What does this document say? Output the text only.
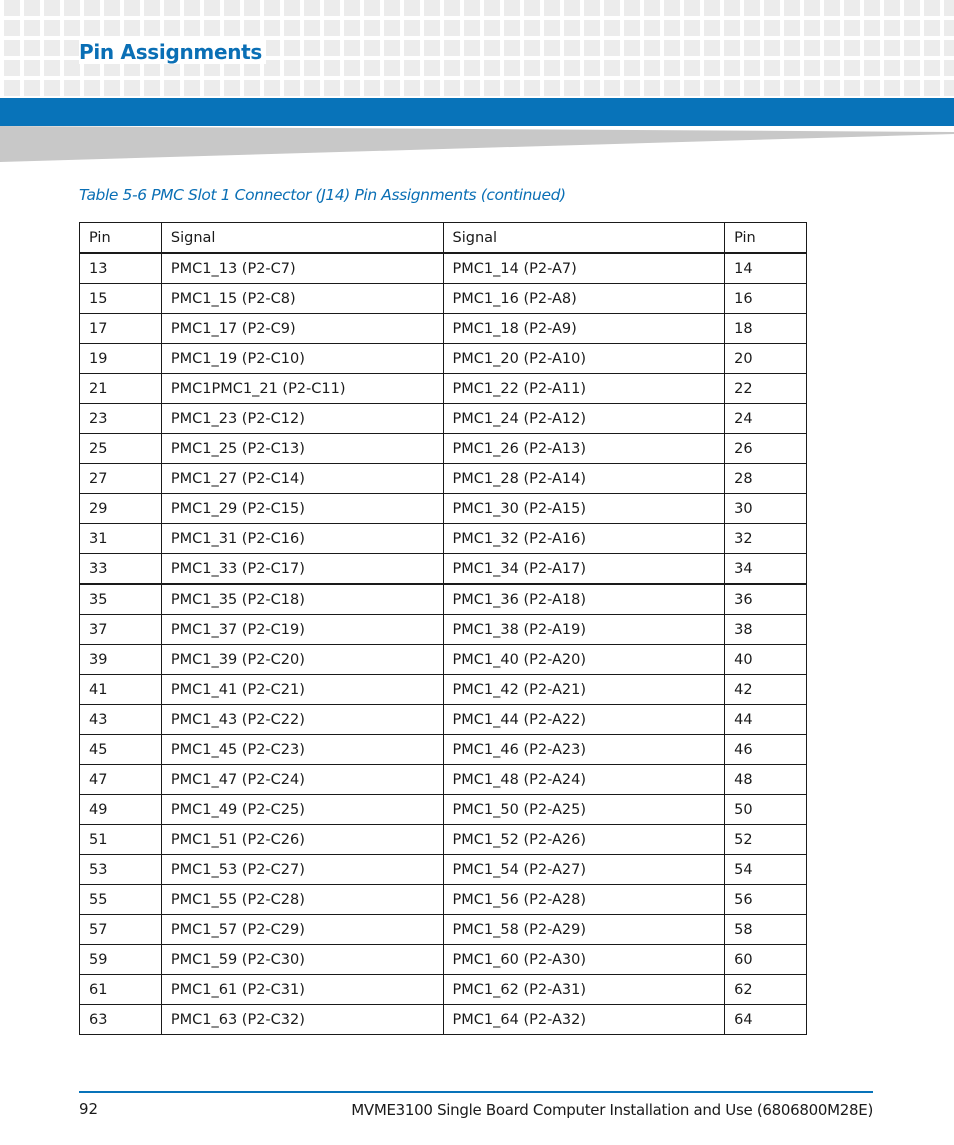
Pin Assignments
Table 5-6 PMC Slot 1 Connector (J14) Pin Assignments (continued)
Pin	Signal	Signal	Pin
13	PMC1_13 (P2-C7)	PMC1_14 (P2-A7)	14
15	PMC1_15 (P2-C8)	PMC1_16 (P2-A8)	16
17	PMC1_17 (P2-C9)	PMC1_18 (P2-A9)	18
19	PMC1_19 (P2-C10)	PMC1_20 (P2-A10)	20
21	PMC1PMC1_21 (P2-C11)	PMC1_22 (P2-A11)	22
23	PMC1_23 (P2-C12)	PMC1_24 (P2-A12)	24
25	PMC1_25 (P2-C13)	PMC1_26 (P2-A13)	26
27	PMC1_27 (P2-C14)	PMC1_28 (P2-A14)	28
29	PMC1_29 (P2-C15)	PMC1_30 (P2-A15)	30
31	PMC1_31 (P2-C16)	PMC1_32 (P2-A16)	32
33	PMC1_33 (P2-C17)	PMC1_34 (P2-A17)	34
35	PMC1_35 (P2-C18)	PMC1_36 (P2-A18)	36
37	PMC1_37 (P2-C19)	PMC1_38 (P2-A19)	38
39	PMC1_39 (P2-C20)	PMC1_40 (P2-A20)	40
41	PMC1_41 (P2-C21)	PMC1_42 (P2-A21)	42
43	PMC1_43 (P2-C22)	PMC1_44 (P2-A22)	44
45	PMC1_45 (P2-C23)	PMC1_46 (P2-A23)	46
47	PMC1_47 (P2-C24)	PMC1_48 (P2-A24)	48
49	PMC1_49 (P2-C25)	PMC1_50 (P2-A25)	50
51	PMC1_51 (P2-C26)	PMC1_52 (P2-A26)	52
53	PMC1_53 (P2-C27)	PMC1_54 (P2-A27)	54
55	PMC1_55 (P2-C28)	PMC1_56 (P2-A28)	56
57	PMC1_57 (P2-C29)	PMC1_58 (P2-A29)	58
59	PMC1_59 (P2-C30)	PMC1_60 (P2-A30)	60
61	PMC1_61 (P2-C31)	PMC1_62 (P2-A31)	62
63	PMC1_63 (P2-C32)	PMC1_64 (P2-A32)	64
92	MVME3100 Single Board Computer Installation and Use (6806800M28E)
